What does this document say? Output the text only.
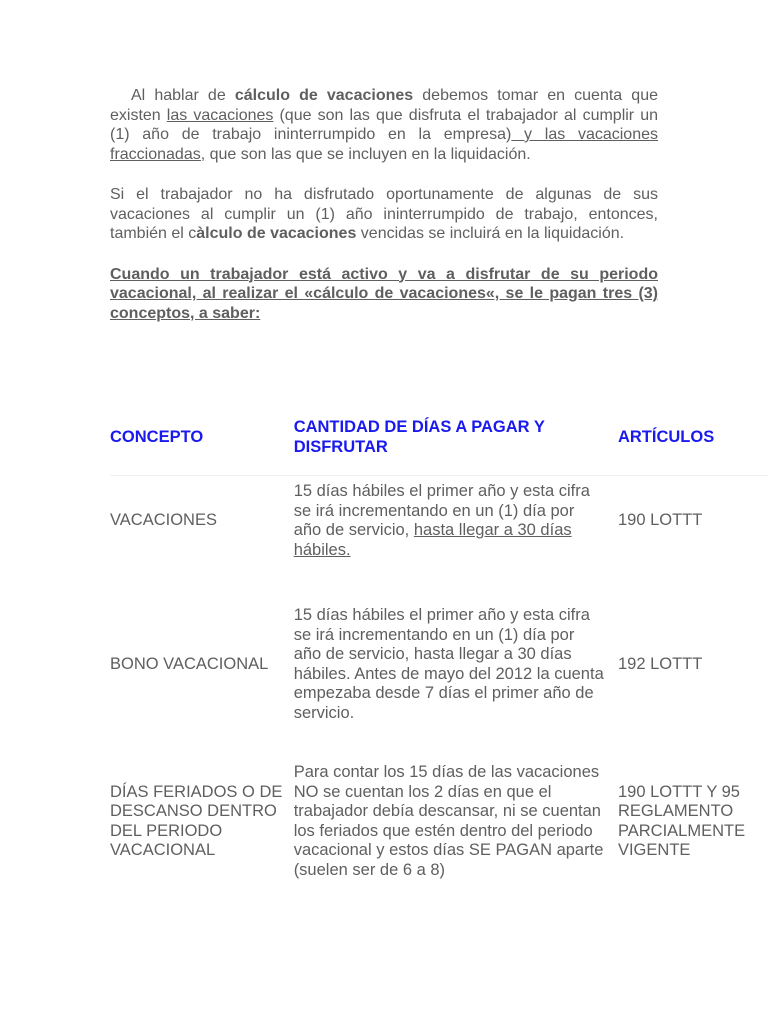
Al hablar de cálculo de vacaciones debemos tomar en cuenta que existen las vacaciones (que son las que disfruta el trabajador al cumplir un (1) año de trabajo ininterrumpido en la empresa) y las vacaciones fraccionadas, que son las que se incluyen en la liquidación.

Si el trabajador no ha disfrutado oportunamente de algunas de sus vacaciones al cumplir un (1) año ininterrumpido de trabajo, entonces, también el càlculo de vacaciones vencidas se incluirá en la liquidación.

Cuando un trabajador está activo y va a disfrutar de su periodo vacacional, al realizar el «cálculo de vacaciones«, se le pagan tres (3) conceptos, a saber:

CONCEPTO	CANTIDAD DE DÍAS A PAGAR Y DISFRUTAR	ARTÍCULOS
VACACIONES	15 días hábiles el primer año y esta cifra se irá incrementando en un (1) día por año de servicio, hasta llegar a 30 días hábiles.	190 LOTTT
BONO VACACIONAL	15 días hábiles el primer año y esta cifra se irá incrementando en un (1) día por año de servicio, hasta llegar a 30 días hábiles. Antes de mayo del 2012 la cuenta empezaba desde 7 días el primer año de servicio.	192 LOTTT
DÍAS FERIADOS O DE DESCANSO DENTRO DEL PERIODO VACACIONAL	Para contar los 15 días de las vacaciones NO se cuentan los 2 días en que el trabajador debía descansar, ni se cuentan los feriados que estén dentro del periodo vacacional y estos días SE PAGAN aparte (suelen ser de 6 a 8)	190 LOTTT Y 95 REGLAMENTO PARCIALMENTE VIGENTE
